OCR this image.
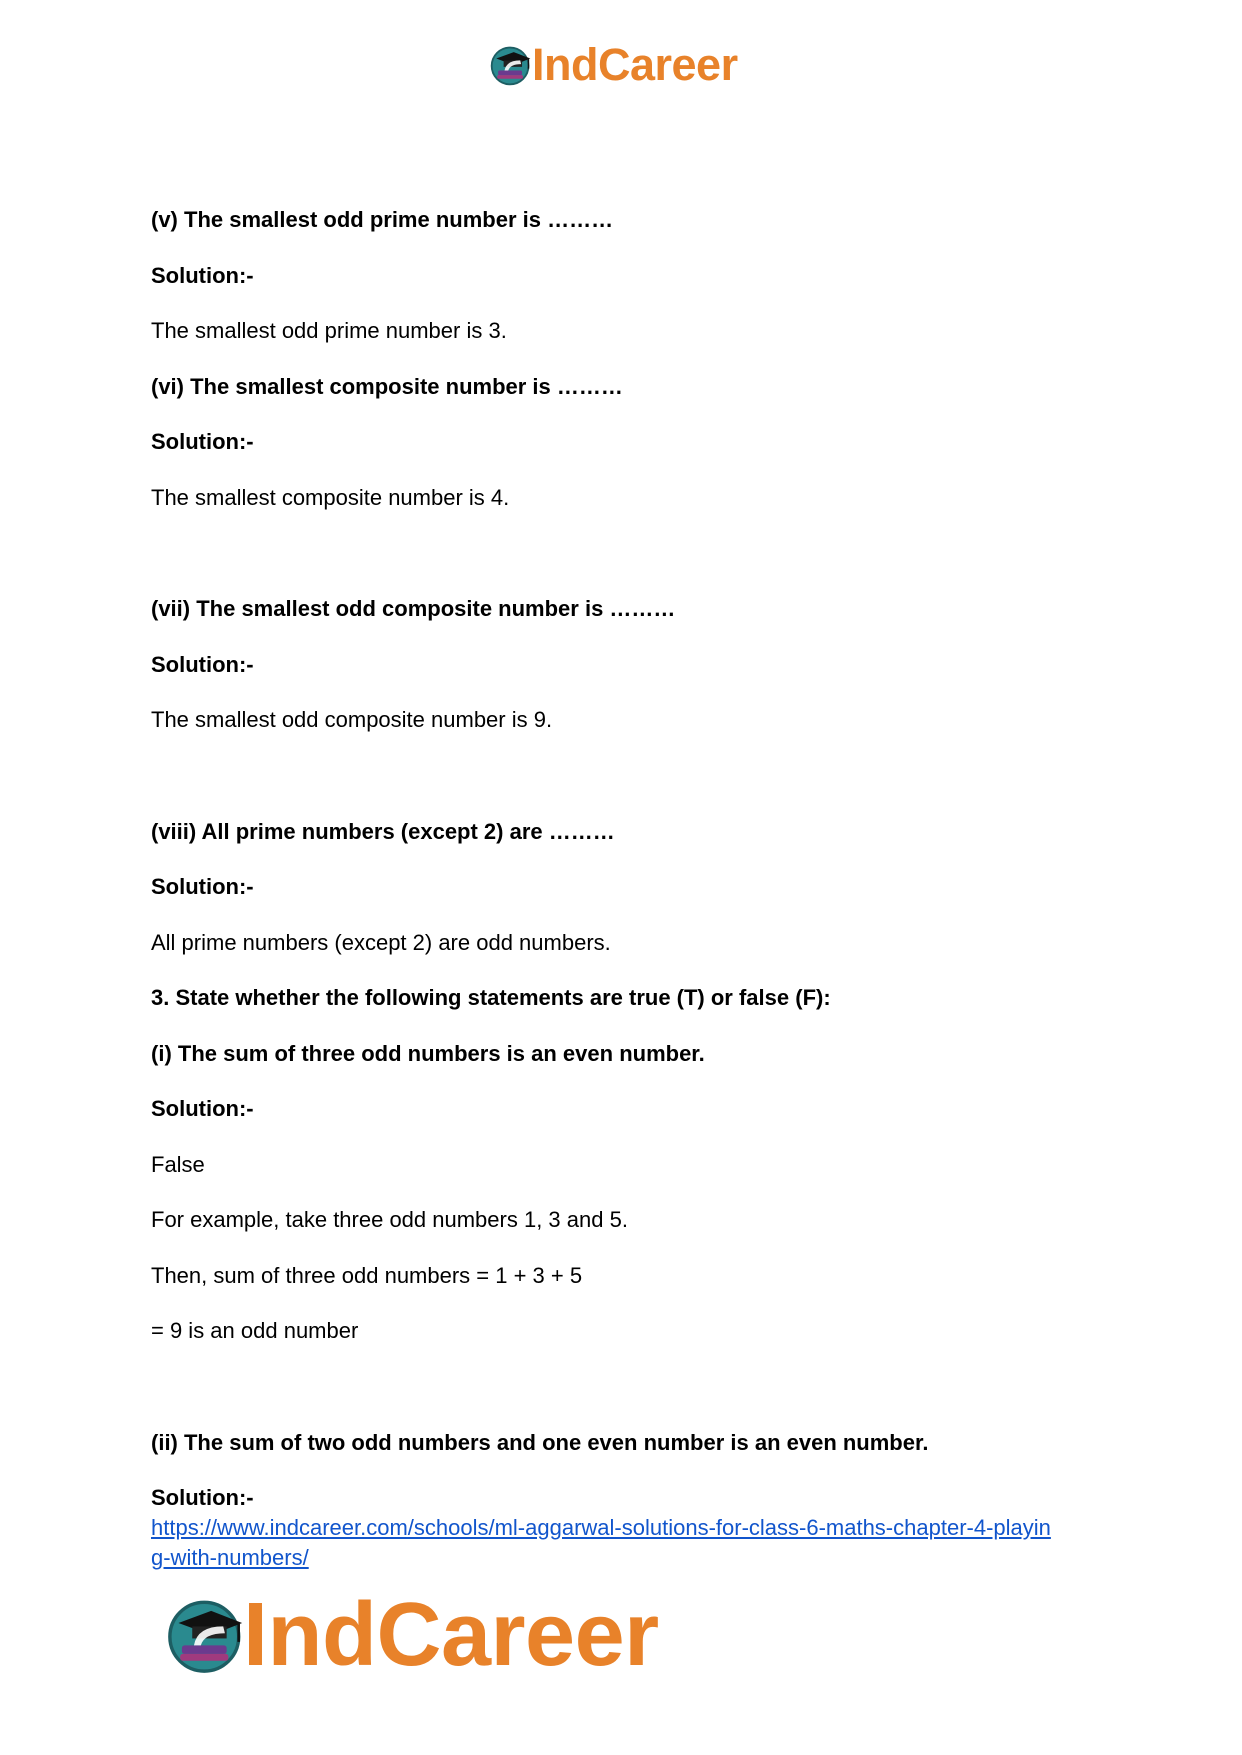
IndCareer
(v) The smallest odd prime number is ………
Solution:-
The smallest odd prime number is 3.
(vi) The smallest composite number is ………
Solution:-
The smallest composite number is 4.
(vii) The smallest odd composite number is ………
Solution:-
The smallest odd composite number is 9.
(viii) All prime numbers (except 2) are ………
Solution:-
All prime numbers (except 2) are odd numbers.
3. State whether the following statements are true (T) or false (F):
(i) The sum of three odd numbers is an even number.
Solution:-
False
For example, take three odd numbers 1, 3 and 5.
Then, sum of three odd numbers = 1 + 3 + 5
= 9 is an odd number
(ii) The sum of two odd numbers and one even number is an even number.
Solution:-
https://www.indcareer.com/schools/ml-aggarwal-solutions-for-class-6-maths-chapter-4-playin
g-with-numbers/
IndCareer
